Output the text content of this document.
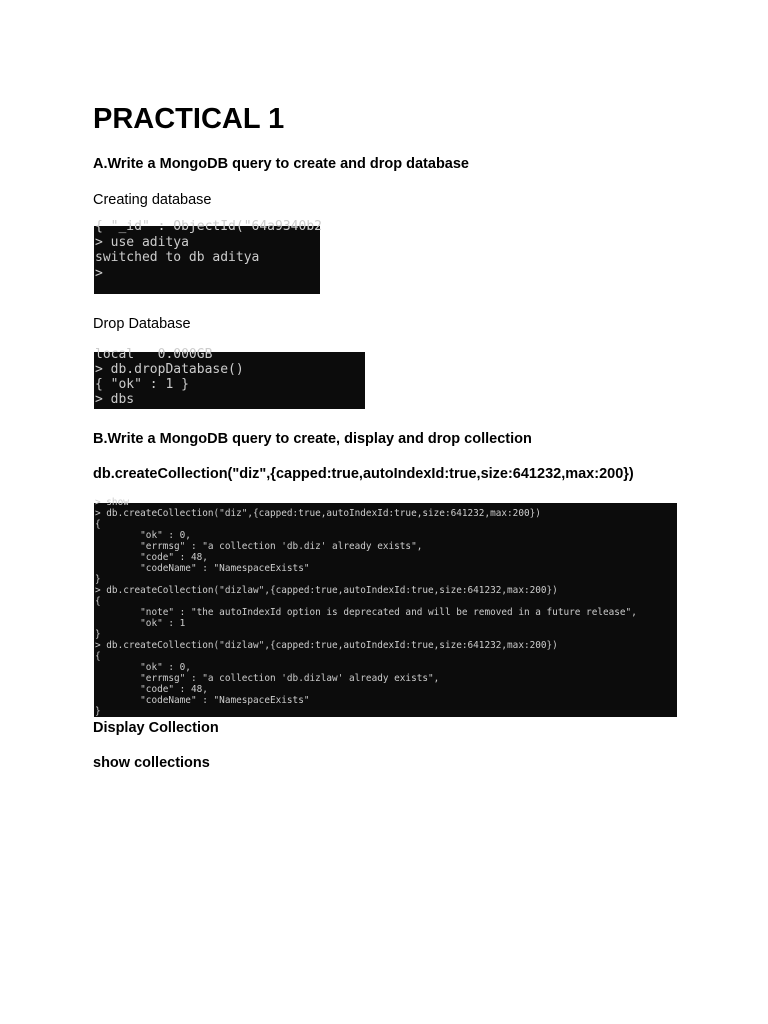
PRACTICAL 1

A.Write a MongoDB query to create and drop database

Creating database

{ "_id" : ObjectId("64a9340b2
> use aditya
switched to db aditya
>

Drop Database

local   0.000GB
> db.dropDatabase()
{ "ok" : 1 }
> dbs

B.Write a MongoDB query to create, display and drop collection

db.createCollection("diz",{capped:true,autoIndexId:true,size:641232,max:200})

> show
> db.createCollection("diz",{capped:true,autoIndexId:true,size:641232,max:200})
{
"ok" : 0,
"errmsg" : "a collection 'db.diz' already exists",
"code" : 48,
"codeName" : "NamespaceExists"
}
> db.createCollection("dizlaw",{capped:true,autoIndexId:true,size:641232,max:200})
{
"note" : "the autoIndexId option is deprecated and will be removed in a future release",
"ok" : 1
}
> db.createCollection("dizlaw",{capped:true,autoIndexId:true,size:641232,max:200})
{
"ok" : 0,
"errmsg" : "a collection 'db.dizlaw' already exists",
"code" : 48,
"codeName" : "NamespaceExists"
}

Display Collection

show collections
